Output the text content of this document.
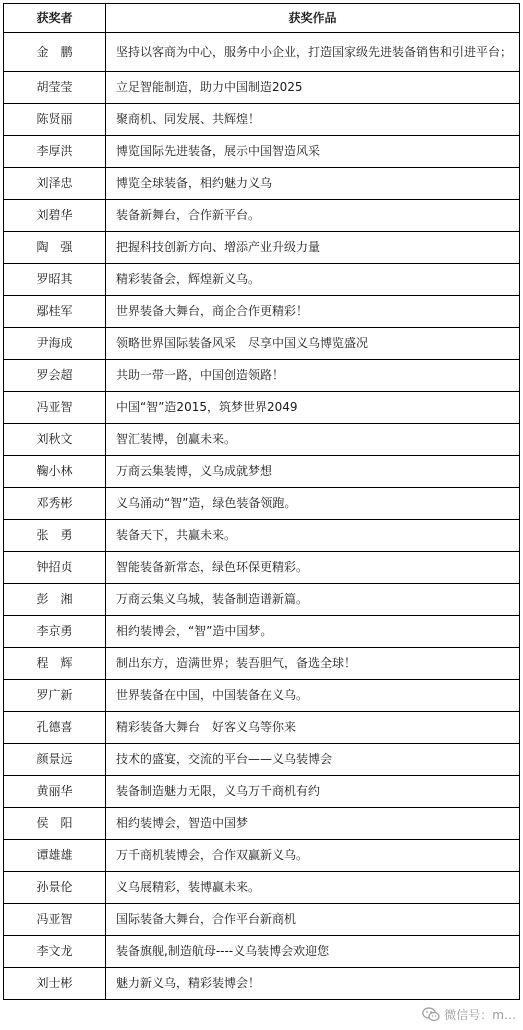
获奖者	获奖作品
金　鹏	坚持以客商为中心，服务中小企业，打造国家级先进装备销售和引进平台；
胡莹莹	立足智能制造，助力中国制造2025
陈贤丽	聚商机、同发展、共辉煌！
李厚洪	博览国际先进装备，展示中国智造风采
刘泽忠	博览全球装备，相约魅力义乌
刘碧华	装备新舞台，合作新平台。
陶　强	把握科技创新方向、增添产业升级力量
罗昭其	精彩装备会，辉煌新义乌。
鄢桂军	世界装备大舞台，商企合作更精彩！
尹海成	领略世界国际装备风采　尽享中国义乌博览盛况
罗会超	共助一带一路，中国创造领路！
冯亚智	中国“智”造2015，筑梦世界2049
刘秋文	智汇装博，创赢未来。
鞠小林	万商云集装博，义乌成就梦想
邓秀彬	义乌涌动“智”造，绿色装备领跑。
张　勇	装备天下，共赢未来。
钟招贞	智能装备新常态，绿色环保更精彩。
彭　湘	万商云集义乌城，装备制造谱新篇。
李京勇	相约装博会，“智”造中国梦。
程　辉	制出东方，造满世界；装吾胆气，备选全球！
罗广新	世界装备在中国，中国装备在义乌。
孔德喜	精彩装备大舞台　好客义乌等你来
颜景远	技术的盛宴，交流的平台——义乌装博会
黄丽华	装备制造魅力无限，义乌万千商机有约
侯　阳	相约装博会，智造中国梦
谭雄雄	万千商机装博会，合作双赢新义乌。
孙景伦	义乌展精彩，装博赢未来。
冯亚智	国际装备大舞台，合作平台新商机
李文龙	装备旗舰,制造航母----义乌装博会欢迎您
刘士彬	魅力新义乌，精彩装博会！
微信号：m…
